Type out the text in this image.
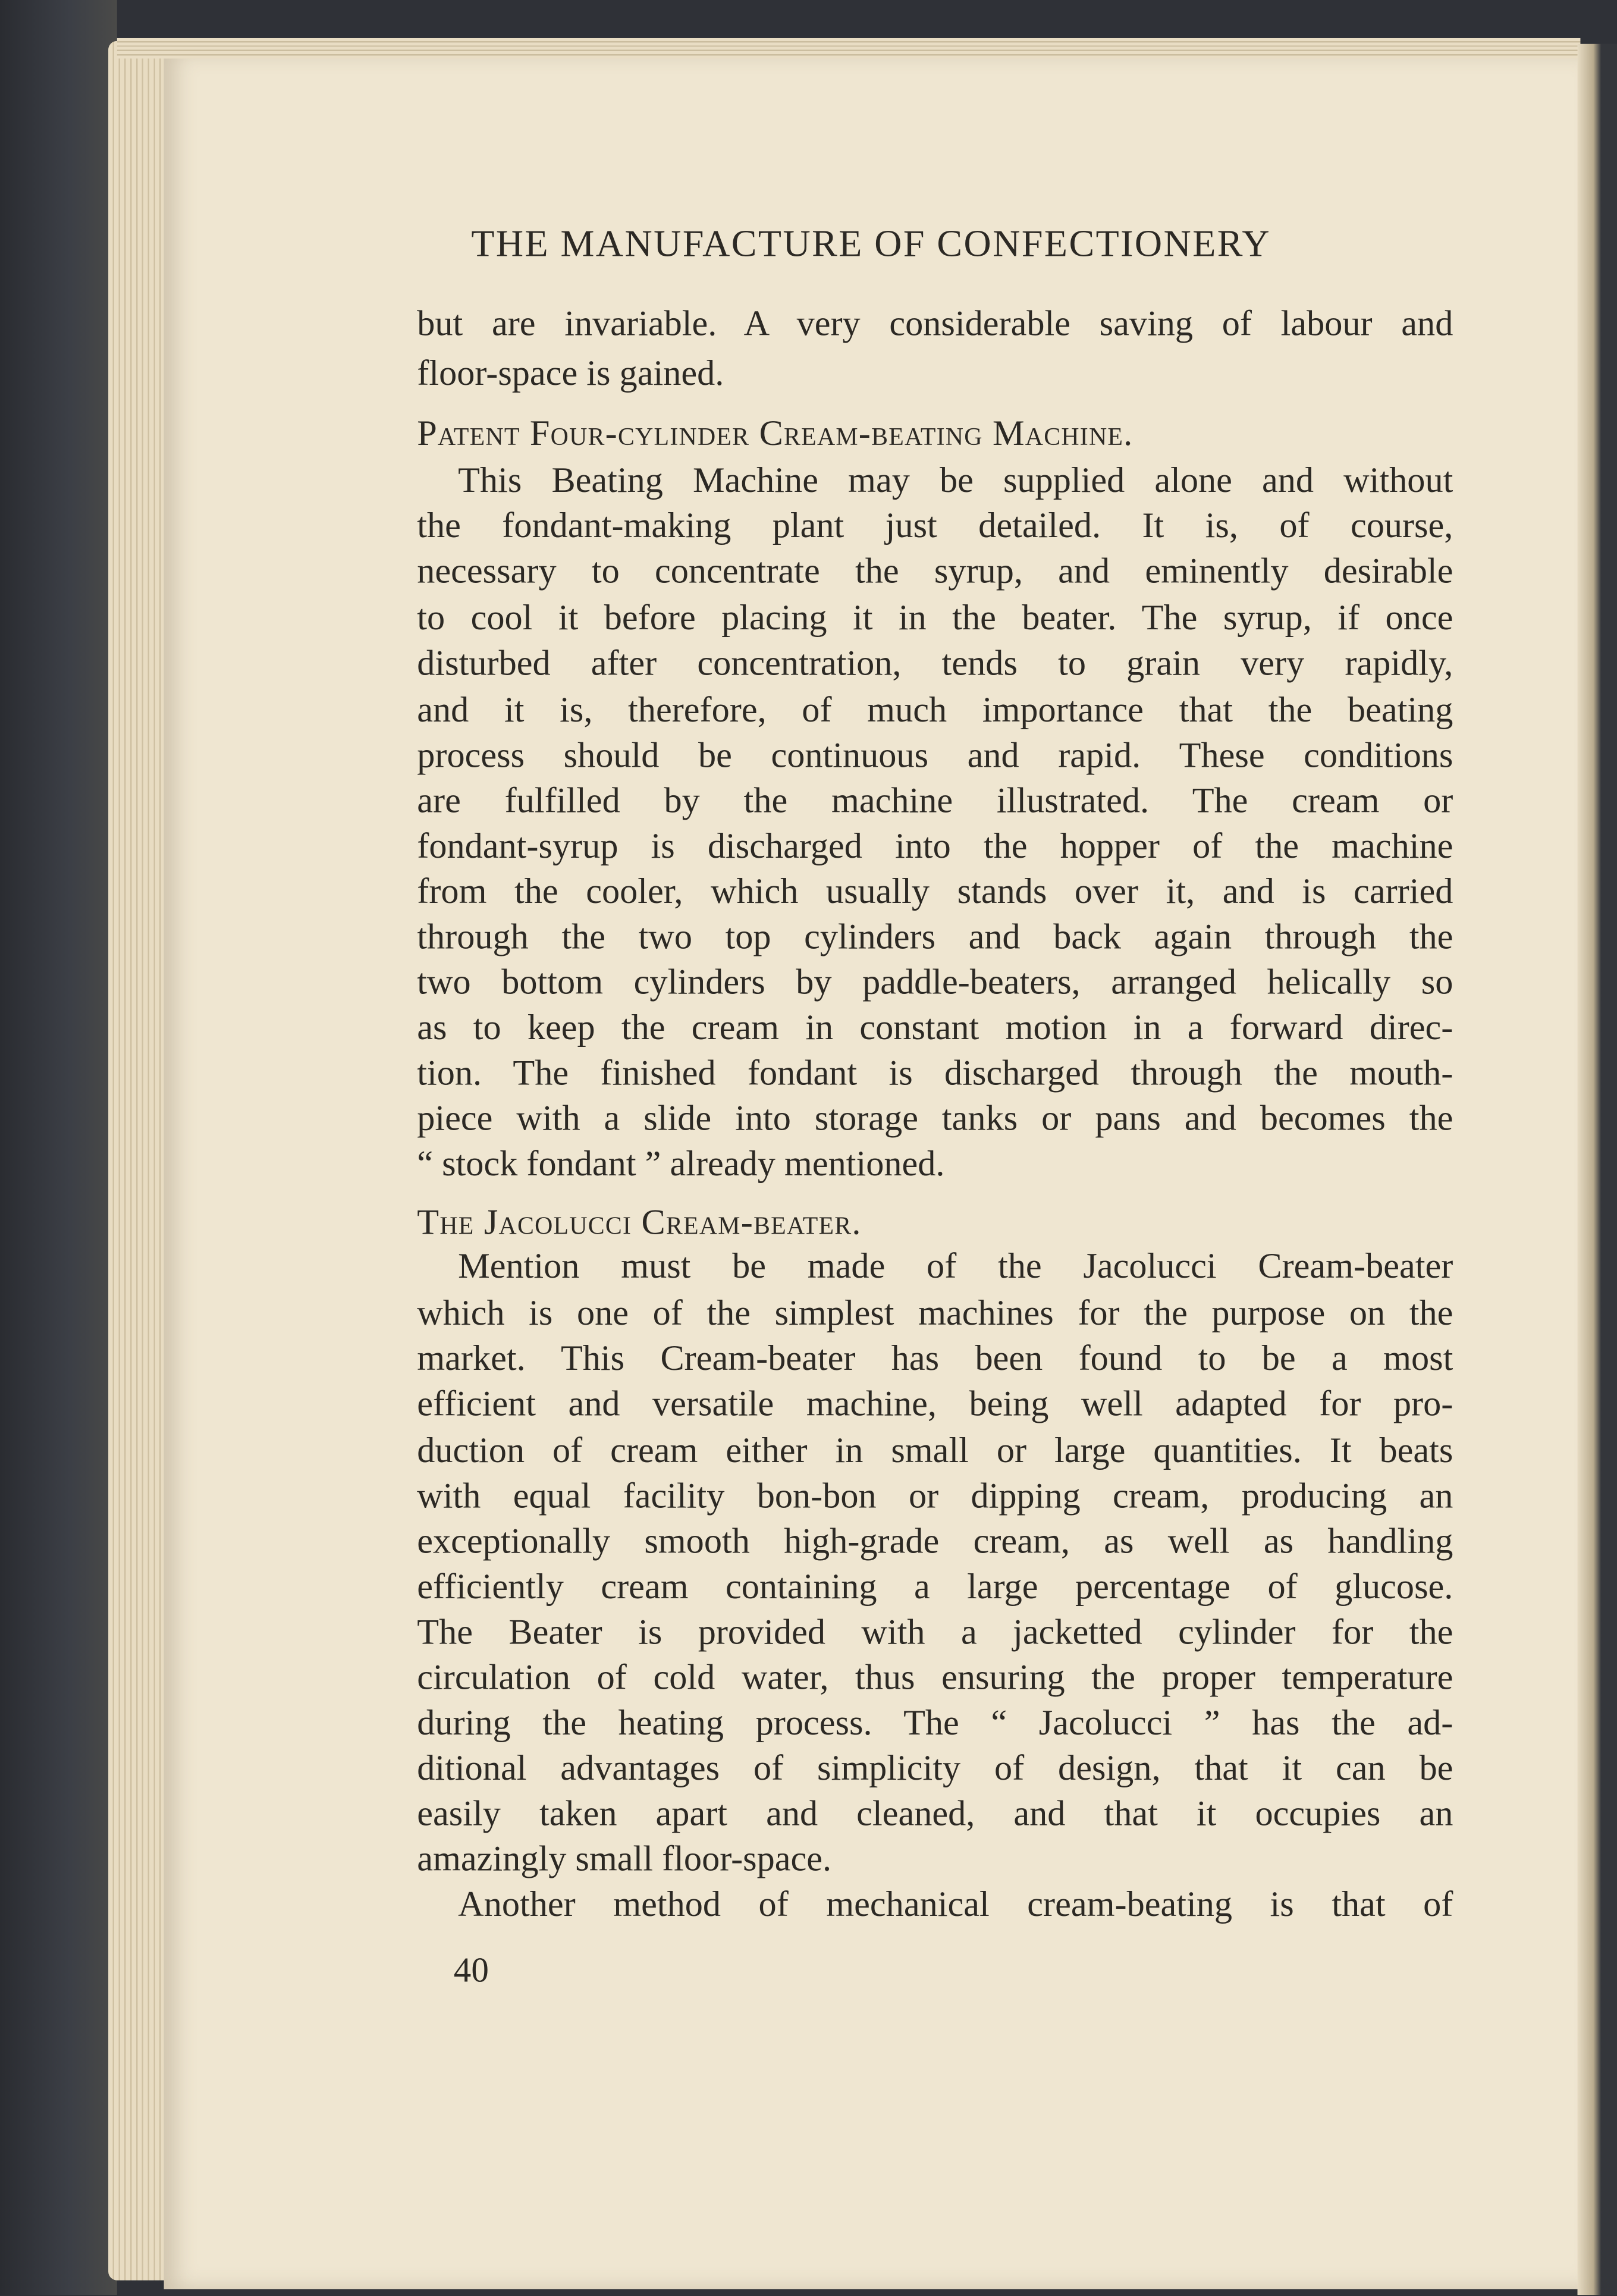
THE MANUFACTURE OF CONFECTIONERY
but are invariable. A very considerable saving of labour and
floor-space is gained.
Patent Four-cylinder Cream-beating Machine.
This Beating Machine may be supplied alone and without
the fondant-making plant just detailed. It is, of course,
necessary to concentrate the syrup, and eminently desirable
to cool it before placing it in the beater. The syrup, if once
disturbed after concentration, tends to grain very rapidly,
and it is, therefore, of much importance that the beating
process should be continuous and rapid. These conditions
are fulfilled by the machine illustrated. The cream or
fondant-syrup is discharged into the hopper of the machine
from the cooler, which usually stands over it, and is carried
through the two top cylinders and back again through the
two bottom cylinders by paddle-beaters, arranged helically so
as to keep the cream in constant motion in a forward direc-
tion. The finished fondant is discharged through the mouth-
piece with a slide into storage tanks or pans and becomes the
“ stock fondant ” already mentioned.
The Jacolucci Cream-beater.
Mention must be made of the Jacolucci Cream-beater
which is one of the simplest machines for the purpose on the
market. This Cream-beater has been found to be a most
efficient and versatile machine, being well adapted for pro-
duction of cream either in small or large quantities. It beats
with equal facility bon-bon or dipping cream, producing an
exceptionally smooth high-grade cream, as well as handling
efficiently cream containing a large percentage of glucose.
The Beater is provided with a jacketted cylinder for the
circulation of cold water, thus ensuring the proper temperature
during the heating process. The “ Jacolucci ” has the ad-
ditional advantages of simplicity of design, that it can be
easily taken apart and cleaned, and that it occupies an
amazingly small floor-space.
Another method of mechanical cream-beating is that of
40
